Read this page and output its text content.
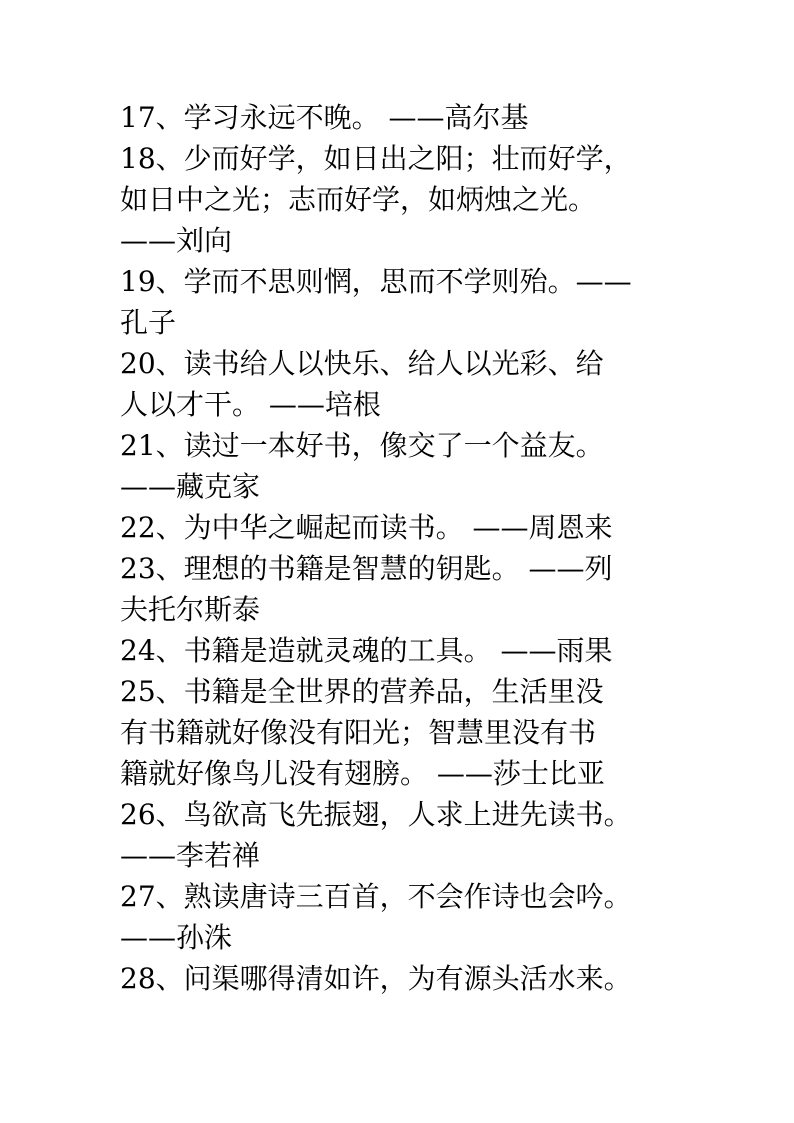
17、学习永远不晚。 ——高尔基
18、少而好学，如日出之阳；壮而好学，
如日中之光；志而好学，如炳烛之光。
——刘向
19、学而不思则惘，思而不学则殆。——
孔子
20、读书给人以快乐、给人以光彩、给
人以才干。 ——培根
21、读过一本好书，像交了一个益友。
——藏克家
22、为中华之崛起而读书。 ——周恩来
23、理想的书籍是智慧的钥匙。 ——列
夫托尔斯泰
24、书籍是造就灵魂的工具。 ——雨果
25、书籍是全世界的营养品，生活里没
有书籍就好像没有阳光；智慧里没有书
籍就好像鸟儿没有翅膀。 ——莎士比亚
26、鸟欲高飞先振翅，人求上进先读书。
——李若禅
27、熟读唐诗三百首，不会作诗也会吟。
——孙洙
28、问渠哪得清如许，为有源头活水来。
